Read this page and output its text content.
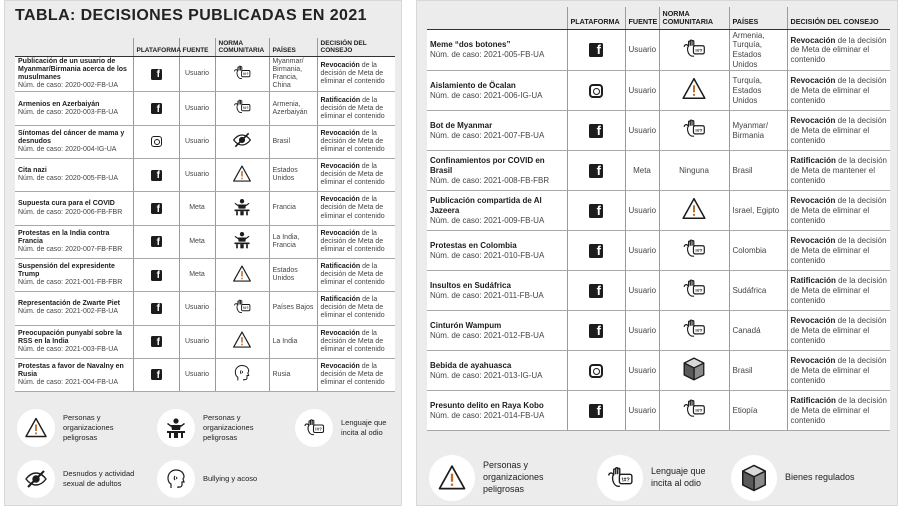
TABLA: DECISIONES PUBLICADAS EN 2021
	PLATAFORMA	FUENTE	NORMA COMUNITARIA	PAÍSES	DECISIÓN DEL CONSEJO

Publicación de un usuario de Myanmar/Birmania acerca de los musulmanes
Núm. de caso: 2020-002-FB-UA
	f	Usuario	!#?	Myanmar/ Birmania, Francia, China	Revocación de la decisión de Meta de eliminar el contenido

Armenios en Azerbaiyán
Núm. de caso: 2020-003-FB-UA
	f	Usuario	!#?	Armenia, Azerbaiyán	Ratificación de la decisión de Meta de eliminar el contenido

Síntomas del cáncer de mama y desnudos
Núm. de caso: 2020-004-IG-UA		Usuario		Brasil	Revocación de la decisión de Meta de eliminar el contenido

Cita nazi
Núm. de caso: 2020-005-FB-UA
	f	Usuario		Estados Unidos	Revocación de la decisión de Meta de eliminar el contenido

Supuesta cura para el COVID
Núm. de caso: 2020-006-FB-FBR
	f	Meta		Francia	Revocación de la decisión de Meta de eliminar el contenido

Protestas en la India contra Francia
Núm. de caso: 2020-007-FB-FBR
	f	Meta		La India, Francia	Revocación de la decisión de Meta de eliminar el contenido

Suspensión del expresidente Trump
Núm. de caso: 2021-001-FB-FBR
	f	Meta		Estados Unidos	Ratificación de la decisión de Meta de eliminar el contenido

Representación de Zwarte Piet
Núm. de caso: 2021-002-FB-UA
	f	Usuario	!#?	Países Bajos	Ratificación de la decisión de Meta de eliminar el contenido

Preocupación punyabí sobre la RSS en la India
Núm. de caso: 2021-003-FB-UA
	f	Usuario		La India	Revocación de la decisión de Meta de eliminar el contenido

Protestas a favor de Navalny en Rusia
Núm. de caso: 2021-004-FB-UA
	f	Usuario		Rusia	Revocación de la decisión de Meta de eliminar el contenido
Personas y organizaciones peligrosas
Personas y organizaciones peligrosas
!#?
Lenguaje que incita al odio
Desnudos y actividad sexual de adultos
Bullying y acoso
	PLATAFORMA	FUENTE	NORMA COMUNITARIA	PAÍSES	DECISIÓN DEL CONSEJO

Meme “dos botones”
Núm. de caso: 2021-005-FB-UA
	f	Usuario	!#?	Armenia, Turquía, Estados Unidos	Revocación de la decisión de Meta de eliminar el contenido

Aislamiento de Öcalan
Núm. de caso: 2021-006-IG-UA		Usuario		Turquía, Estados Unidos	Revocación de la decisión de Meta de eliminar el contenido

Bot de Myanmar
Núm. de caso: 2021-007-FB-UA
	f	Usuario	!#?	Myanmar/ Birmania	Revocación de la decisión de Meta de eliminar el contenido

Confinamientos por COVID en Brasil
Núm. de caso: 2021-008-FB-FBR
	f	Meta	Ninguna	Brasil	Ratificación de la decisión de Meta de mantener el contenido

Publicación compartida de Al Jazeera
Núm. de caso: 2021-009-FB-UA
	f	Usuario		Israel, Egipto	Revocación de la decisión de Meta de eliminar el contenido

Protestas en Colombia
Núm. de caso: 2021-010-FB-UA
	f	Usuario	!#?	Colombia	Revocación de la decisión de Meta de eliminar el contenido

Insultos en Sudáfrica
Núm. de caso: 2021-011-FB-UA
	f	Usuario	!#?	Sudáfrica	Ratificación de la decisión de Meta de eliminar el contenido

Cinturón Wampum
Núm. de caso: 2021-012-FB-UA
	f	Usuario	!#?	Canadá	Revocación de la decisión de Meta de eliminar el contenido

Bebida de ayahuasca
Núm. de caso: 2021-013-IG-UA		Usuario		Brasil	Revocación de la decisión de Meta de eliminar el contenido

Presunto delito en Raya Kobo
Núm. de caso: 2021-014-FB-UA
	f	Usuario	!#?	Etiopía	Ratificación de la decisión de Meta de eliminar el contenido
Personas y organizaciones peligrosas
!#?
Lenguaje que incita al odio
Bienes regulados
